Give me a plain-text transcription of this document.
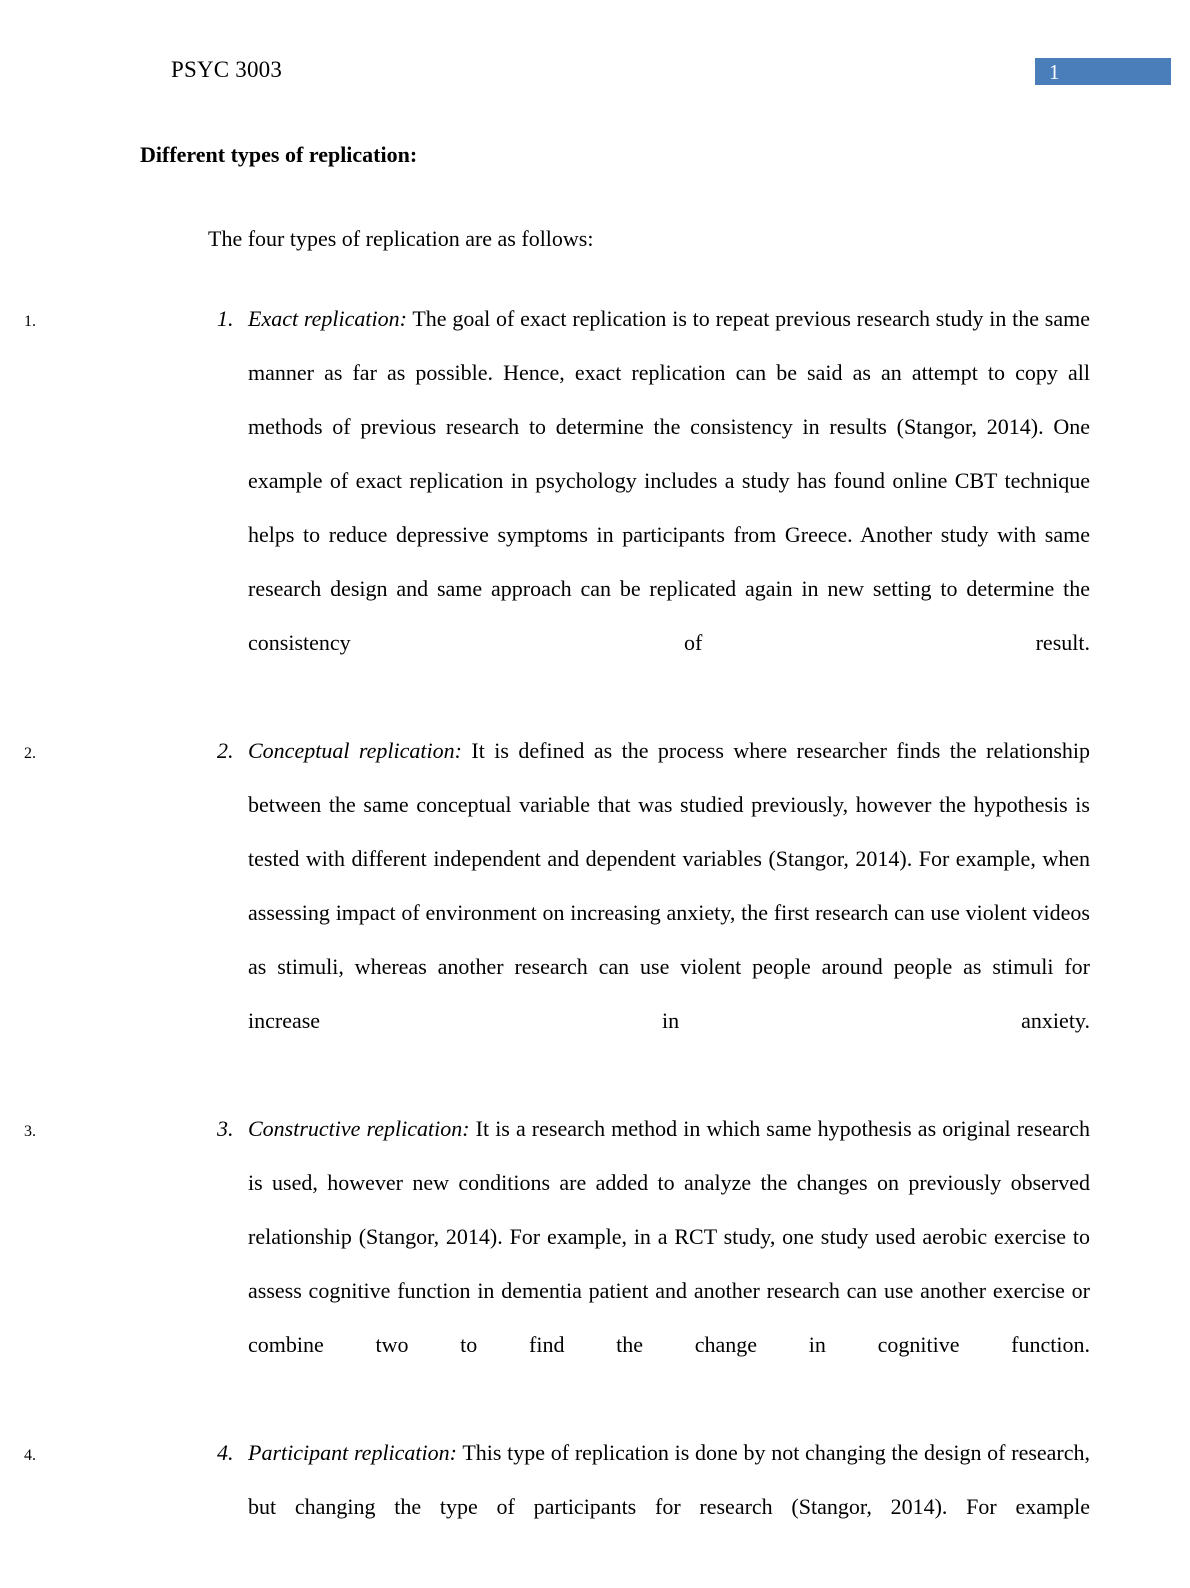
PSYC 3003	1
Different types of replication:
The four types of replication are as follows:
1. 1. Exact replication: The goal of exact replication is to repeat previous research study in the same manner as far as possible. Hence, exact replication can be said as an attempt to copy all methods of previous research to determine the consistency in results (Stangor, 2014). One example of exact replication in psychology includes a study has found online CBT technique helps to reduce depressive symptoms in participants from Greece. Another study with same research design and same approach can be replicated again in new setting to determine the consistency of result.
2. 2. Conceptual replication: It is defined as the process where researcher finds the relationship between the same conceptual variable that was studied previously, however the hypothesis is tested with different independent and dependent variables (Stangor, 2014). For example, when assessing impact of environment on increasing anxiety, the first research can use violent videos as stimuli, whereas another research can use violent people around people as stimuli for increase in anxiety.
3. 3. Constructive replication: It is a research method in which same hypothesis as original research is used, however new conditions are added to analyze the changes on previously observed relationship (Stangor, 2014). For example, in a RCT study, one study used aerobic exercise to assess cognitive function in dementia patient and another research can use another exercise or combine two to find the change in cognitive function.
4. 4. Participant replication: This type of replication is done by not changing the design of research, but changing the type of participants for research (Stangor, 2014). For example
